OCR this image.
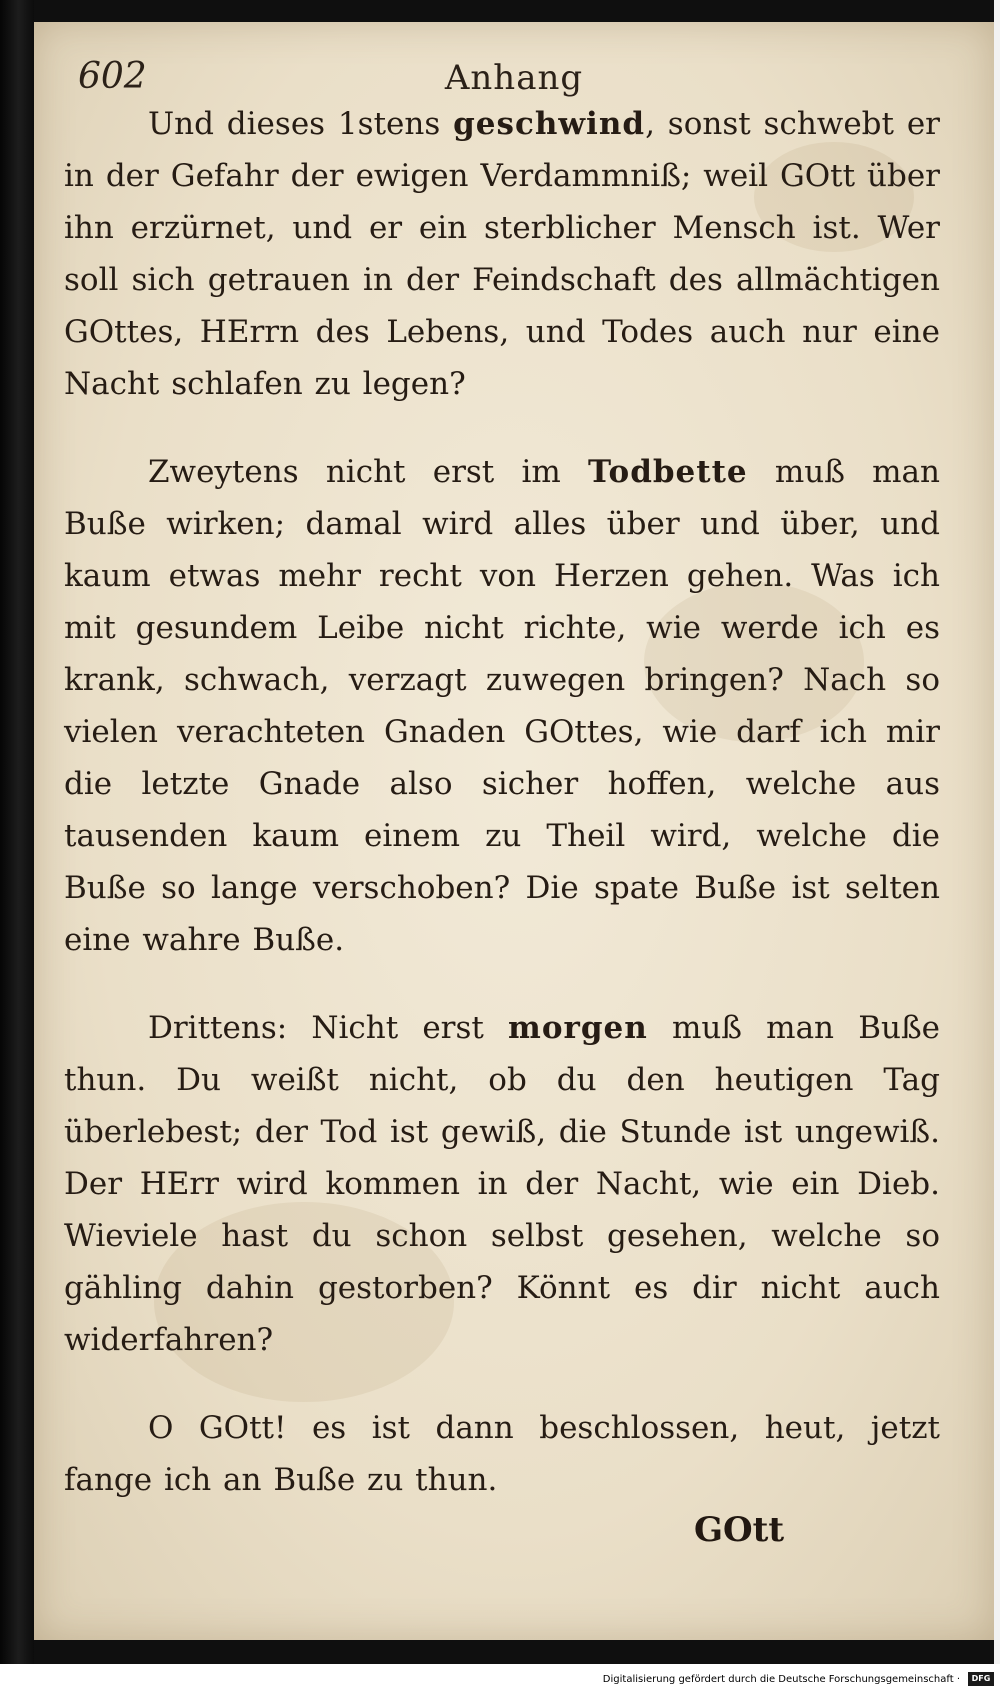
602	Anhang

Und dieses 1stens geschwind, sonst schwebt er in der Gefahr der ewigen Verdammniß; weil GOtt über ihn erzürnet, und er ein sterblicher Mensch ist. Wer soll sich getrauen in der Feindschaft des allmächtigen GOttes, HErrn des Lebens, und Todes auch nur eine Nacht schlafen zu legen?

Zweytens nicht erst im Todbette muß man Buße wirken; damal wird alles über und über, und kaum etwas mehr recht von Herzen gehen. Was ich mit gesundem Leibe nicht richte, wie werde ich es krank, schwach, verzagt zuwegen bringen? Nach so vielen verachteten Gnaden GOttes, wie darf ich mir die letzte Gnade also sicher hoffen, welche aus tausenden kaum einem zu Theil wird, welche die Buße so lange verschoben? Die spate Buße ist selten eine wahre Buße.

Drittens: Nicht erst morgen muß man Buße thun. Du weißt nicht, ob du den heutigen Tag überlebest; der Tod ist gewiß, die Stunde ist ungewiß. Der HErr wird kommen in der Nacht, wie ein Dieb. Wieviele hast du schon selbst gesehen, welche so gähling dahin gestorben? Könnt es dir nicht auch widerfahren?

O GOtt! es ist dann beschlossen, heut, jetzt fange ich an Buße zu thun.

GOtt
Digitalisierung gefördert durch die Deutsche Forschungsgemeinschaft ·	DFG
